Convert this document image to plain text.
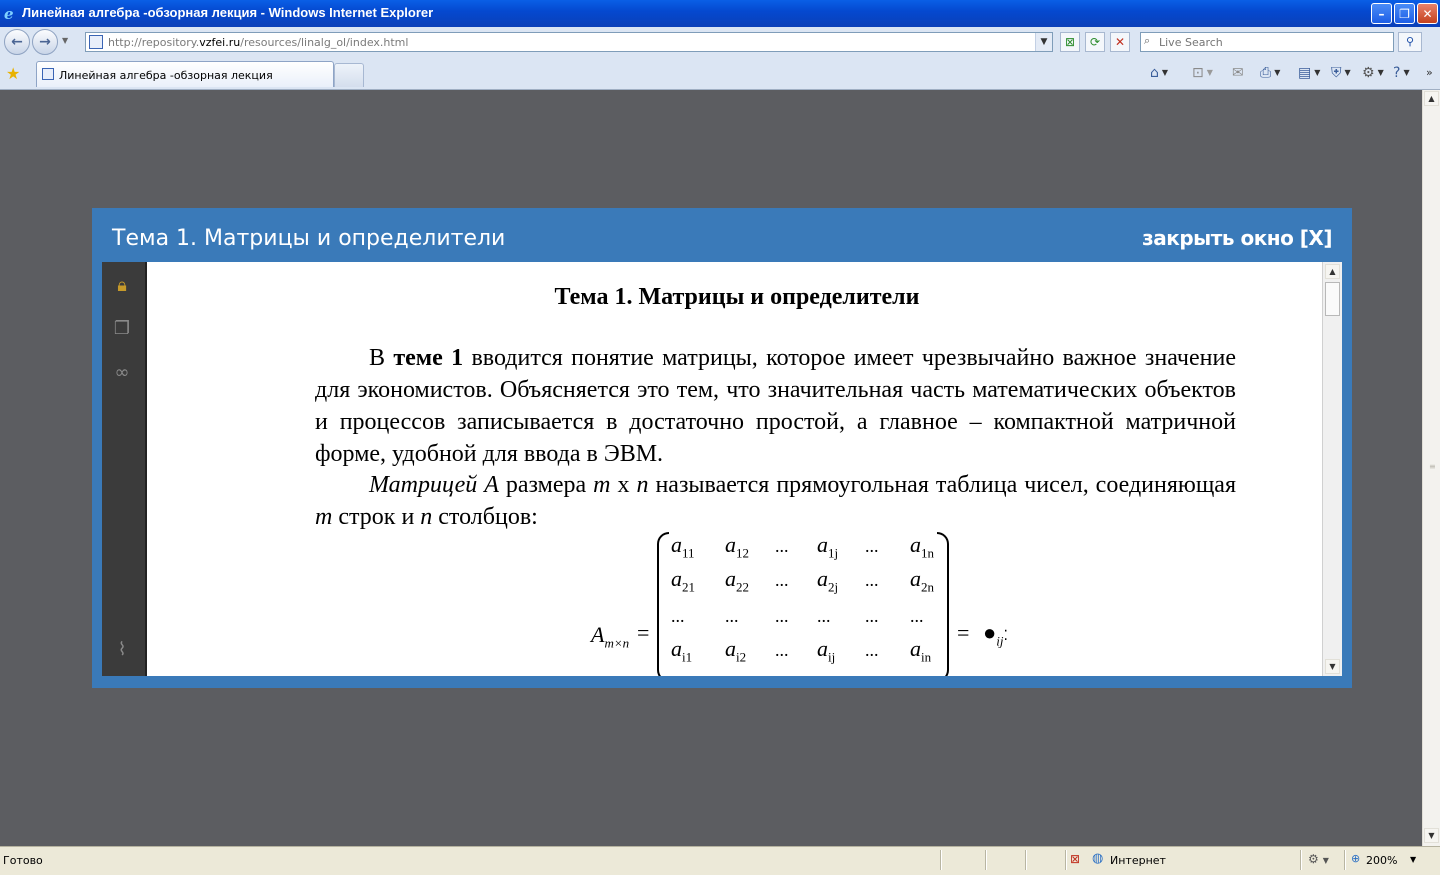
e Линейная алгебра -обзорная лекция - Windows Internet Explorer	–	❐	✕
←	→	▼	http://repository.vzfei.ru/resources/linalg_ol/index.html	▼	⊠	⟳	✕	⌕
Live Search	⚲
★	Линейная алгебра -обзорная лекция	⌂ ▼ ⊡ ▼ ✉ ⎙ ▼ ▤ ▼ ⛨ ▼ ⚙ ▼ ? ▼ »
▲
≡
▼
Тема 1. Матрицы и определители	закрыть окно [X]
🔒︎
❐
∞
⌇
Тема 1. Матрицы и определители
В теме 1 вводится понятие матрицы, которое имеет чрезвычайно важное значение для экономистов. Объясняется это тем, что значительная часть математических объектов и процессов записывается в достаточно простой, а главное – компактной матричной форме, удобной для ввода в ЭВМ.
Матрицей A размера m x n называется прямоугольная таблица чисел, соединяющая m строк и n столбцов:
$A_{m\times n}$ =
$a_{11}$ $a_{12}$ ... $a_{1j}$ ... $a_{1n}$
$a_{21}$ $a_{22}$ ... $a_{2j}$ ... $a_{2n}$
... ... ... ... ... ...
$a_{i1}$ $a_{i2}$ ... $a_{ij}$ ... $a_{in}$
= $●_{ij}⁚$
▲
▼
Готово	⊠ ◍ Интернет	⚙ ▼ ⊕ 200% ▼
